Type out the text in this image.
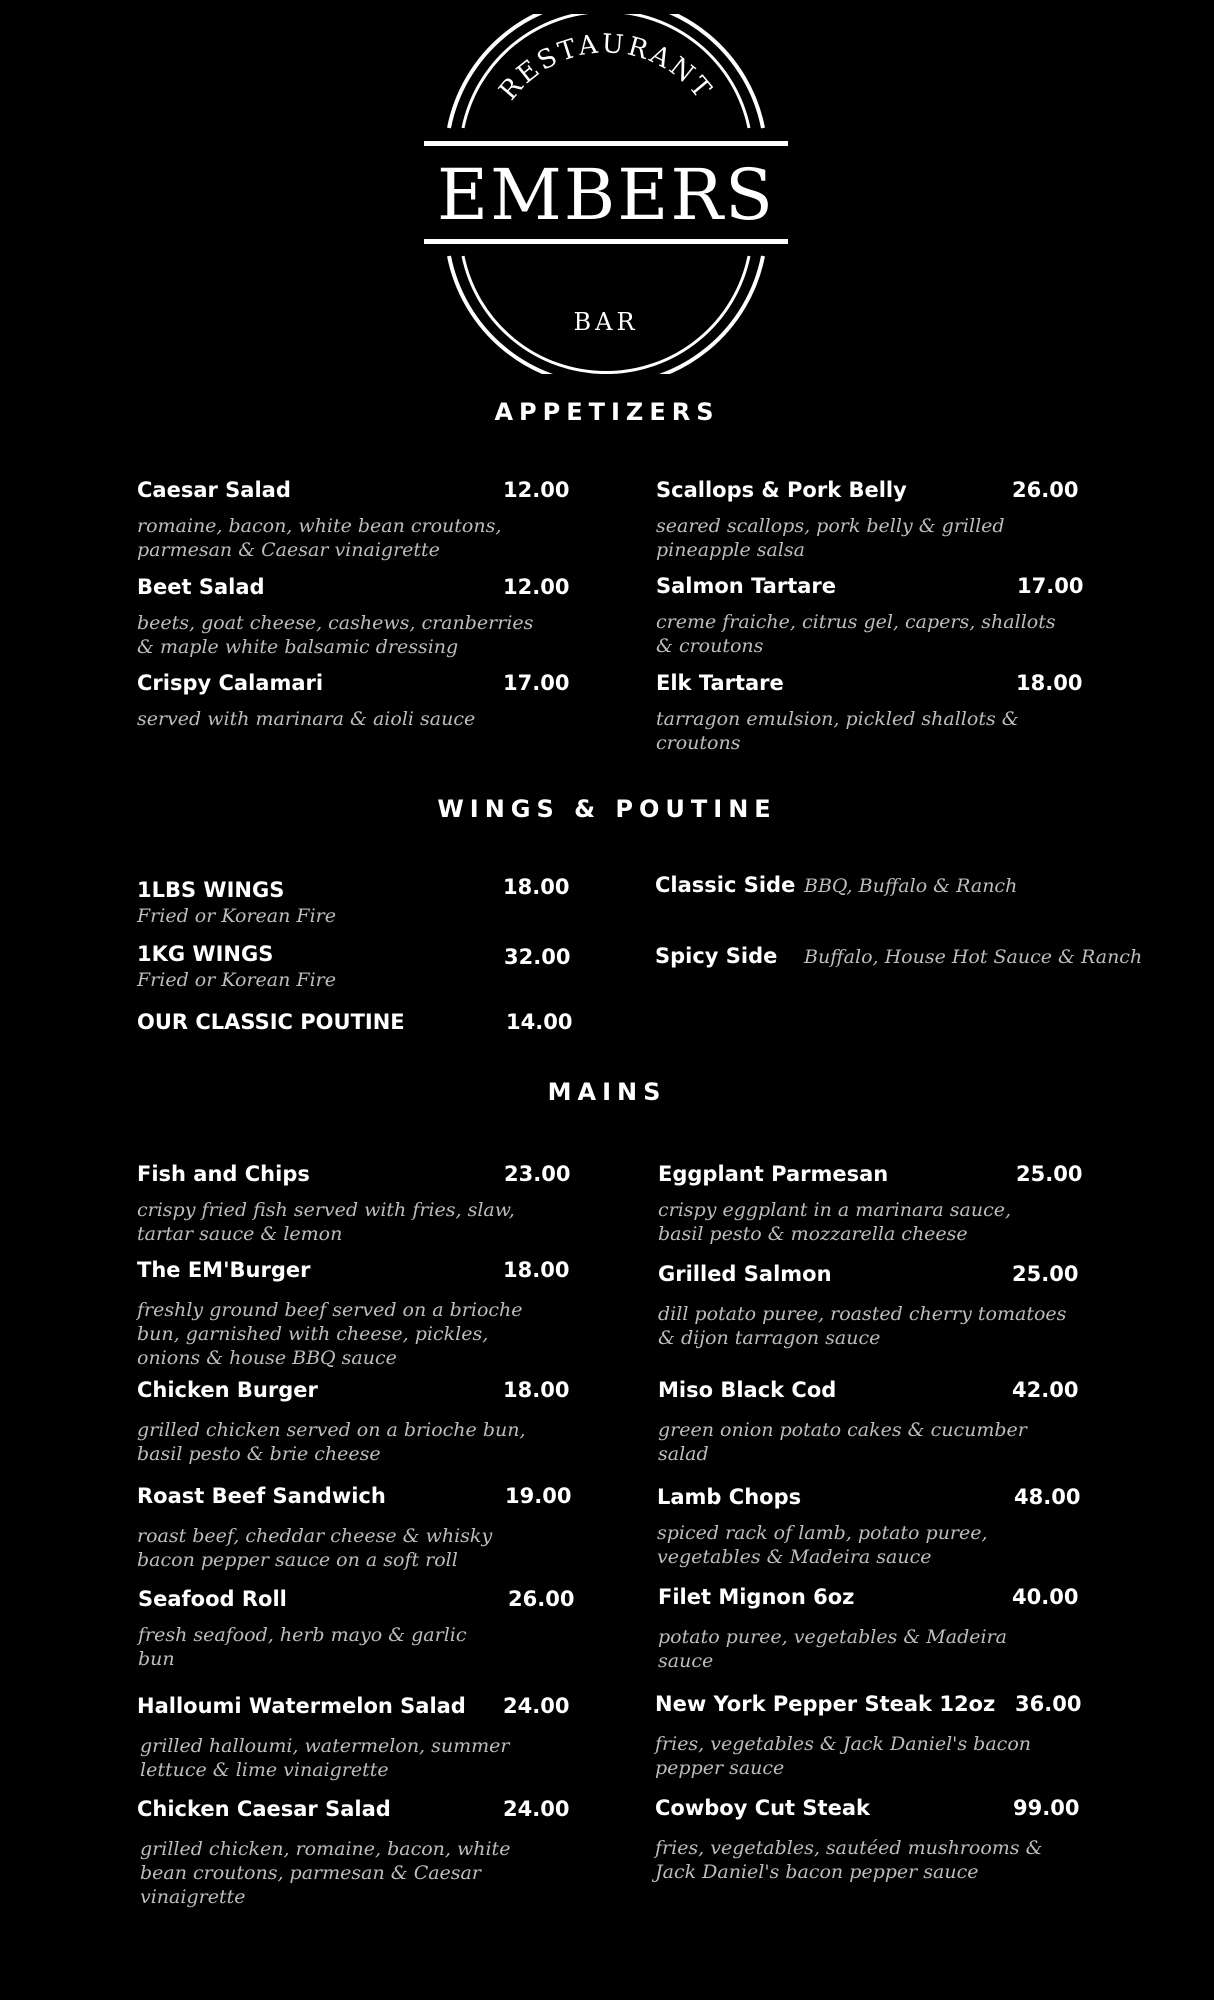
RESTAURANT
EMBERS
BAR
APPETIZERS
Caesar Salad	12.00
romaine, bacon, white bean croutons, parmesan & Caesar vinaigrette
Beet Salad	12.00
beets, goat cheese, cashews, cranberries & maple white balsamic dressing
Crispy Calamari	17.00
served with marinara & aioli sauce
Scallops & Pork Belly	26.00
seared scallops, pork belly & grilled pineapple salsa
Salmon Tartare	17.00
creme fraiche, citrus gel, capers, shallots & croutons
Elk Tartare	18.00
tarragon emulsion, pickled shallots & croutons
WINGS & POUTINE
1LBS WINGS	18.00
Fried or Korean Fire
1KG WINGS	32.00
Fried or Korean Fire
OUR CLASSIC POUTINE	14.00
Classic Side BBQ, Buffalo & Ranch
Spicy Side Buffalo, House Hot Sauce & Ranch
MAINS
Fish and Chips	23.00
crispy fried fish served with fries, slaw, tartar sauce & lemon
The EM'Burger	18.00
freshly ground beef served on a brioche bun, garnished with cheese, pickles, onions & house BBQ sauce
Chicken Burger	18.00
grilled chicken served on a brioche bun, basil pesto & brie cheese
Roast Beef Sandwich	19.00
roast beef, cheddar cheese & whisky bacon pepper sauce on a soft roll
Seafood Roll	26.00
fresh seafood, herb mayo & garlic bun
Halloumi Watermelon Salad 24.00
grilled halloumi, watermelon, summer lettuce & lime vinaigrette
Chicken Caesar Salad	24.00
grilled chicken, romaine, bacon, white bean croutons, parmesan & Caesar vinaigrette
Eggplant Parmesan	25.00
crispy eggplant in a marinara sauce, basil pesto & mozzarella cheese
Grilled Salmon	25.00
dill potato puree, roasted cherry tomatoes & dijon tarragon sauce
Miso Black Cod	42.00
green onion potato cakes & cucumber salad
Lamb Chops	48.00
spiced rack of lamb, potato puree, vegetables & Madeira sauce
Filet Mignon 6oz	40.00
potato puree, vegetables & Madeira sauce
New York Pepper Steak 12oz 36.00
fries, vegetables & Jack Daniel's bacon pepper sauce
Cowboy Cut Steak	99.00
fries, vegetables, sautéed mushrooms & Jack Daniel's bacon pepper sauce
